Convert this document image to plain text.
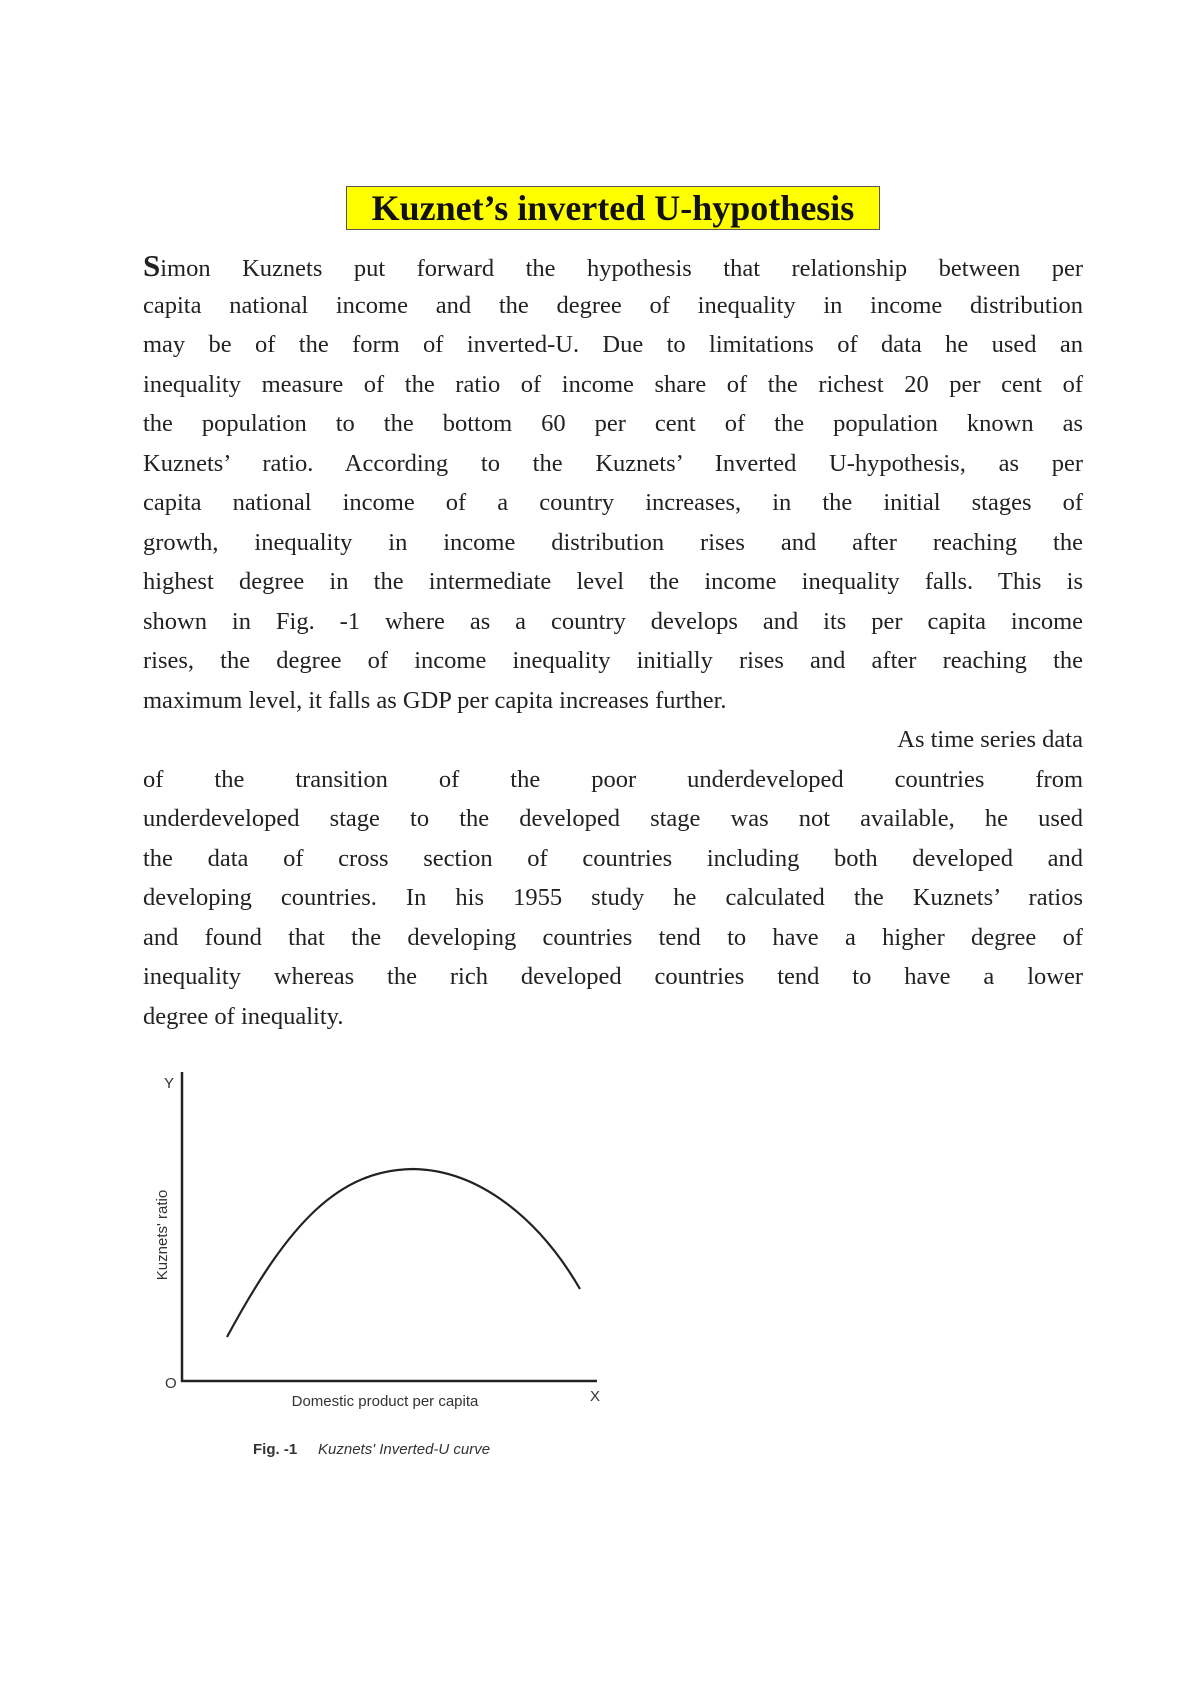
Kuznet’s inverted U-hypothesis
Simon Kuznets put forward the hypothesis that relationship between per
capita national income and the degree of inequality in income distribution
may be of the form of inverted-U. Due to limitations of data he used an
inequality measure of the ratio of income share of the richest 20 per cent of
the population to the bottom 60 per cent of the population known as
Kuznets’ ratio. According to the Kuznets’ Inverted U-hypothesis, as per
capita national income of a country increases, in the initial stages of
growth, inequality in income distribution rises and after reaching the
highest degree in the intermediate level the income inequality falls. This is
shown in Fig. -1 where as a country develops and its per capita income
rises, the degree of income inequality initially rises and after reaching the
maximum level, it falls as GDP per capita increases further.
As time series data
of the transition of the poor underdeveloped countries from
underdeveloped stage to the developed stage was not available, he used
the data of cross section of countries including both developed and
developing countries. In his 1955 study he calculated the Kuznets’ ratios
and found that the developing countries tend to have a higher degree of
inequality whereas the rich developed countries tend to have a lower
degree of inequality.
Y
O
X
Kuznets' ratio
Domestic product per capita
Fig. -1 Kuznets' Inverted-U curve
